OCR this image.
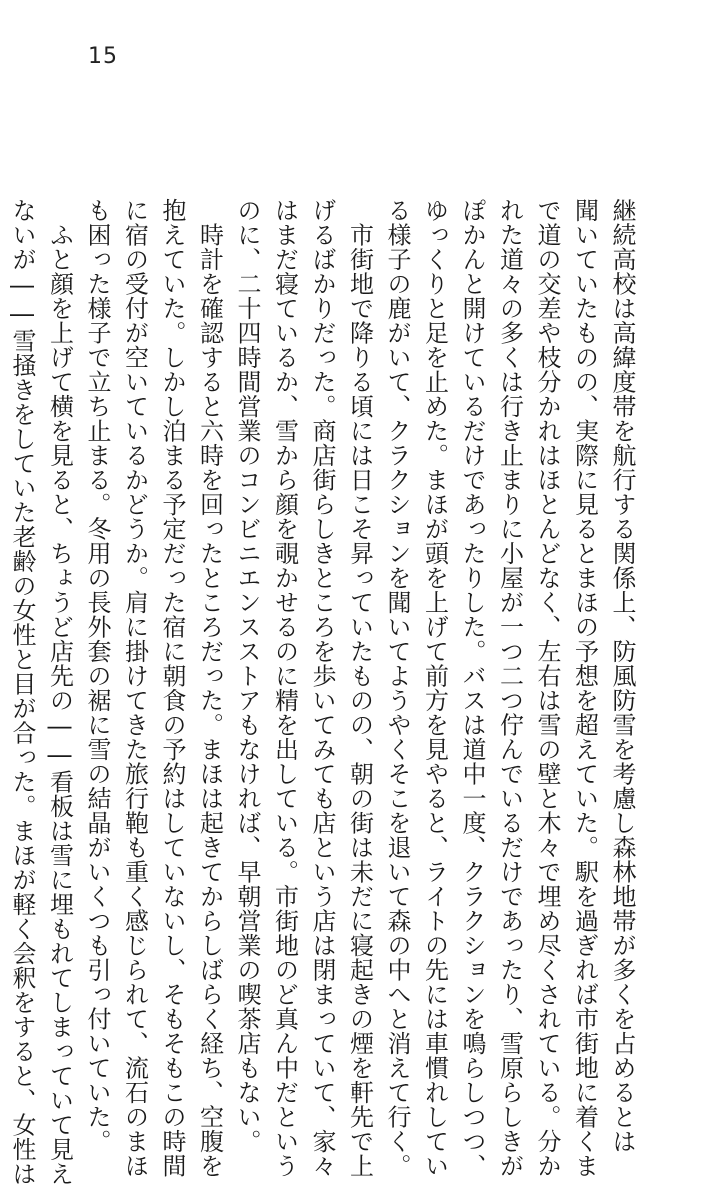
15

継続高校は高緯度帯を航行する関係上、防風防雪を考慮し森林地帯が多くを占めるとは

聞いていたものの、実際に見るとまほの予想を超えていた。駅を過ぎれば市街地に着くま

で道の交差や枝分かれはほとんどなく、左右は雪の壁と木々で埋め尽くされている。分か

れた道々の多くは行き止まりに小屋が一つ二つ佇んでいるだけであったり、雪原らしきが

ぽかんと開けているだけであったりした。バスは道中一度、クラクションを鳴らしつつ、

ゆっくりと足を止めた。まほが頭を上げて前方を見やると、ライトの先には車慣れしてい

る様子の鹿がいて、クラクションを聞いてようやくそこを退いて森の中へと消えて行く。

　市街地で降りる頃には日こそ昇っていたものの、朝の街は未だに寝起きの煙を軒先で上

げるばかりだった。商店街らしきところを歩いてみても店という店は閉まっていて、家々

はまだ寝ているか、雪から顔を覗かせるのに精を出している。市街地のど真ん中だという

のに、二十四時間営業のコンビニエンスストアもなければ、早朝営業の喫茶店もない。

　時計を確認すると六時を回ったところだった。まほは起きてからしばらく経ち、空腹を

抱えていた。しかし泊まる予定だった宿に朝食の予約はしていないし、そもそもこの時間

に宿の受付が空いているかどうか。肩に掛けてきた旅行鞄も重く感じられて、流石のまほ

も困った様子で立ち止まる。冬用の長外套の裾に雪の結晶がいくつも引っ付いていた。

　ふと顔を上げて横を見ると、ちょうど店先の――看板は雪に埋もれてしまっていて見え

ないが――雪掻きをしていた老齢の女性と目が合った。まほが軽く会釈をすると、女性は
